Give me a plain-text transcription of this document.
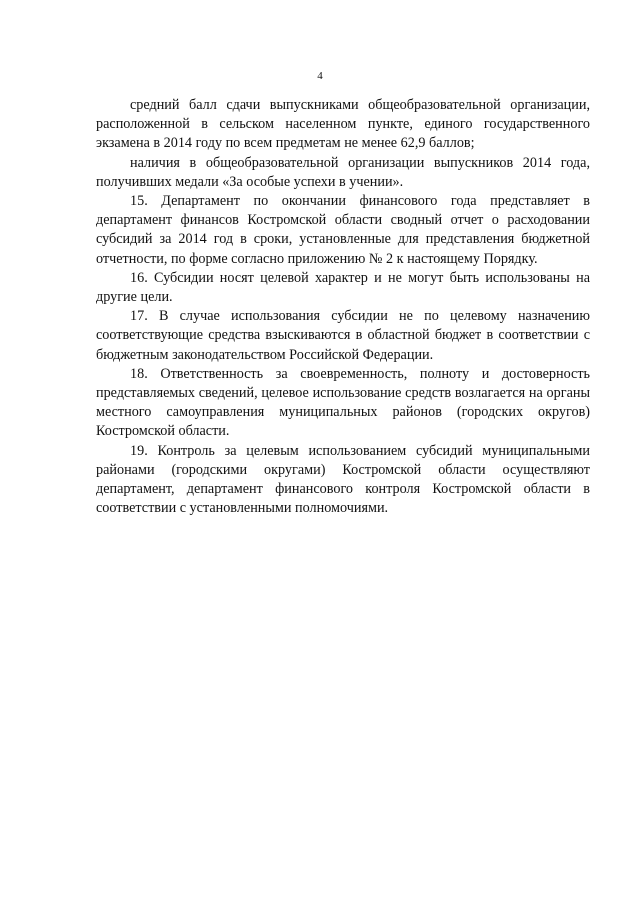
4

средний балл сдачи выпускниками общеобразовательной организации, расположенной в сельском населенном пункте, единого государственного экзамена в 2014 году по всем предметам не менее 62,9 баллов;

наличия в общеобразовательной организации выпускников 2014 года, получивших медали «За особые успехи в учении».

15. Департамент по окончании финансового года представляет в департамент финансов Костромской области сводный отчет о расходовании субсидий за 2014 год в сроки, установленные для представления бюджетной отчетности, по форме согласно приложению № 2 к настоящему Порядку.

16. Субсидии носят целевой характер и не могут быть использованы на другие цели.

17. В случае использования субсидии не по целевому назначению соответствующие средства взыскиваются в областной бюджет в соответствии с бюджетным законодательством Российской Федерации.

18. Ответственность за своевременность, полноту и достоверность представляемых сведений, целевое использование средств возлагается на органы местного самоуправления муниципальных районов (городских округов) Костромской области.

19. Контроль за целевым использованием субсидий муниципальными районами (городскими округами) Костромской области осуществляют департамент, департамент финансового контроля Костромской области в соответствии с установленными полномочиями.
